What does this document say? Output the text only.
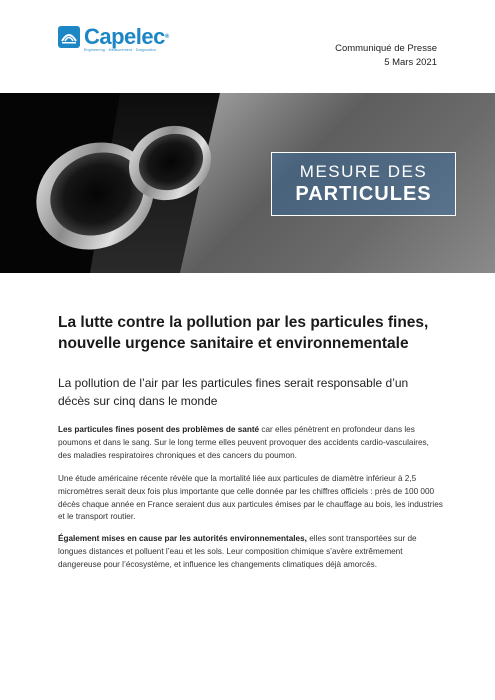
Capelec®
Engineering · Measurement · Diagnostics	Communiqué de Presse
5 Mars 2021
MESURE DES
PARTICULES
La lutte contre la pollution par les particules fines, nouvelle urgence sanitaire et environnementale

La pollution de l’air par les particules fines serait responsable d’un décès sur cinq dans le monde

Les particules fines posent des problèmes de santé car elles pénètrent en profondeur dans les poumons et dans le sang. Sur le long terme elles peuvent provoquer des accidents cardio-vasculaires, des maladies respiratoires chroniques et des cancers du poumon.

Une étude américaine récente révèle que la mortalité liée aux particules de diamètre inférieur à 2,5 micromètres serait deux fois plus importante que celle donnée par les chiffres officiels : près de 100 000 décès chaque année en France seraient dus aux particules émises par le chauffage au bois, les industries et le transport routier.

Également mises en cause par les autorités environnementales, elles sont transportées sur de longues distances et polluent l’eau et les sols. Leur composition chimique s’avère extrêmement dangereuse pour l’écosystème, et influence les changements climatiques déjà amorcés.
